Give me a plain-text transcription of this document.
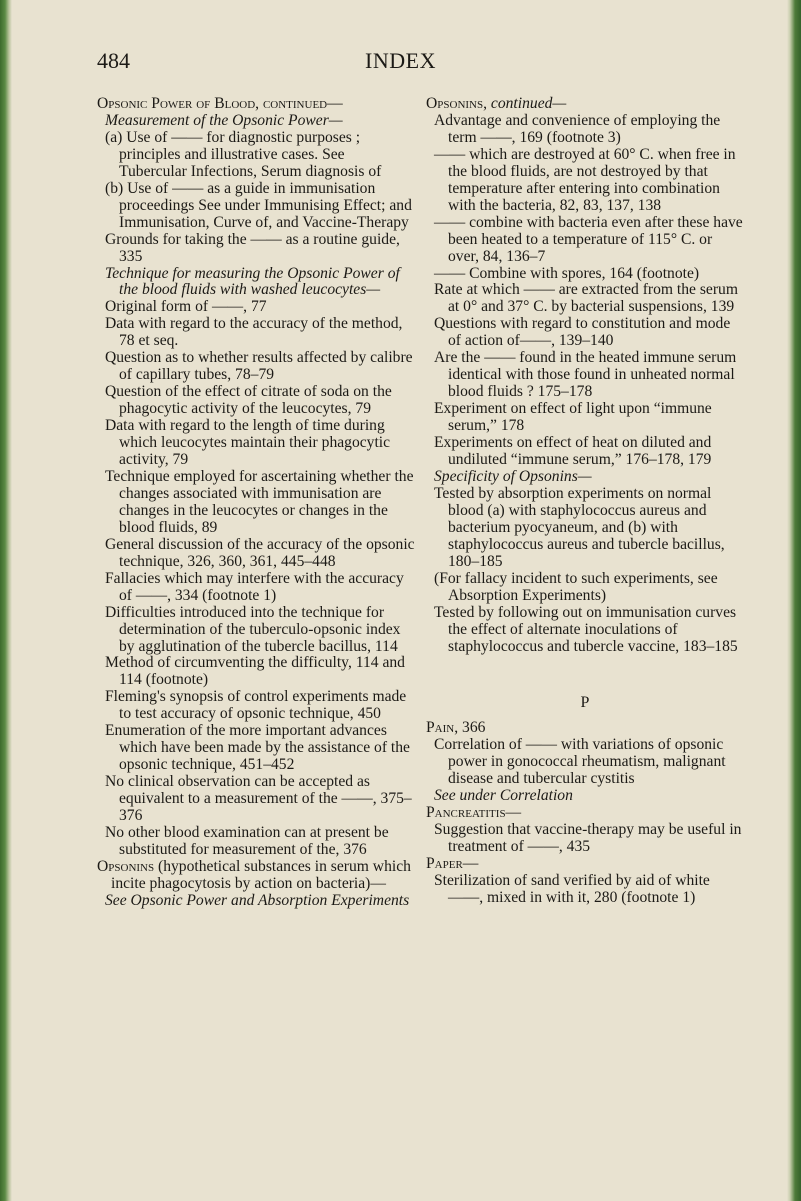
484	INDEX

Opsonic Power of Blood, continued—

Measurement of the Opsonic Power—

(a) Use of —— for diagnostic purposes ; principles and illustrative cases. See Tubercular Infections, Serum diagnosis of

(b) Use of —— as a guide in immunisation proceedings See under Immunising Effect; and Immunisation, Curve of, and Vaccine-Therapy

Grounds for taking the —— as a routine guide, 335

Technique for measuring the Opsonic Power of the blood fluids with washed leucocytes—

Original form of ——, 77

Data with regard to the accuracy of the method, 78 et seq.

Question as to whether results affected by calibre of capillary tubes, 78–79

Question of the effect of citrate of soda on the phagocytic activity of the leucocytes, 79

Data with regard to the length of time during which leucocytes maintain their phagocytic activity, 79

Technique employed for ascertaining whether the changes associated with immunisation are changes in the leucocytes or changes in the blood fluids, 89

General discussion of the accuracy of the opsonic technique, 326, 360, 361, 445–448

Fallacies which may interfere with the accuracy of ——, 334 (footnote 1)

Difficulties introduced into the technique for determination of the tuberculo-opsonic index by agglutination of the tubercle bacillus, 114

Method of circumventing the difficulty, 114 and 114 (footnote)

Fleming's synopsis of control experiments made to test accuracy of opsonic technique, 450

Enumeration of the more important advances which have been made by the assistance of the opsonic technique, 451–452

No clinical observation can be accepted as equivalent to a measurement of the ——, 375–376

No other blood examination can at present be substituted for measurement of the, 376

Opsonins (hypothetical substances in serum which incite phagocytosis by action on bacteria)—

See Opsonic Power and Absorption Experiments

Opsonins, continued—

Advantage and convenience of employing the term ——, 169 (footnote 3)

—— which are destroyed at 60° C. when free in the blood fluids, are not destroyed by that temperature after entering into combination with the bacteria, 82, 83, 137, 138

—— combine with bacteria even after these have been heated to a temperature of 115° C. or over, 84, 136–7

—— Combine with spores, 164 (footnote)

Rate at which —— are extracted from the serum at 0° and 37° C. by bacterial suspensions, 139

Questions with regard to constitution and mode of action of——, 139–140

Are the —— found in the heated immune serum identical with those found in unheated normal blood fluids ? 175–178

Experiment on effect of light upon “immune serum,” 178

Experiments on effect of heat on diluted and undiluted “immune serum,” 176–178, 179

Specificity of Opsonins—

Tested by absorption experiments on normal blood (a) with staphylococcus aureus and bacterium pyocyaneum, and (b) with staphylococcus aureus and tubercle bacillus, 180–185

(For fallacy incident to such experiments, see Absorption Experiments)

Tested by following out on immunisation curves the effect of alternate inoculations of staphylococcus and tubercle vaccine, 183–185

P

Pain, 366

Correlation of —— with variations of opsonic power in gonococcal rheumatism, malignant disease and tubercular cystitis

See under Correlation

Pancreatitis—

Suggestion that vaccine-therapy may be useful in treatment of ——, 435

Paper—

Sterilization of sand verified by aid of white ——, mixed in with it, 280 (footnote 1)
